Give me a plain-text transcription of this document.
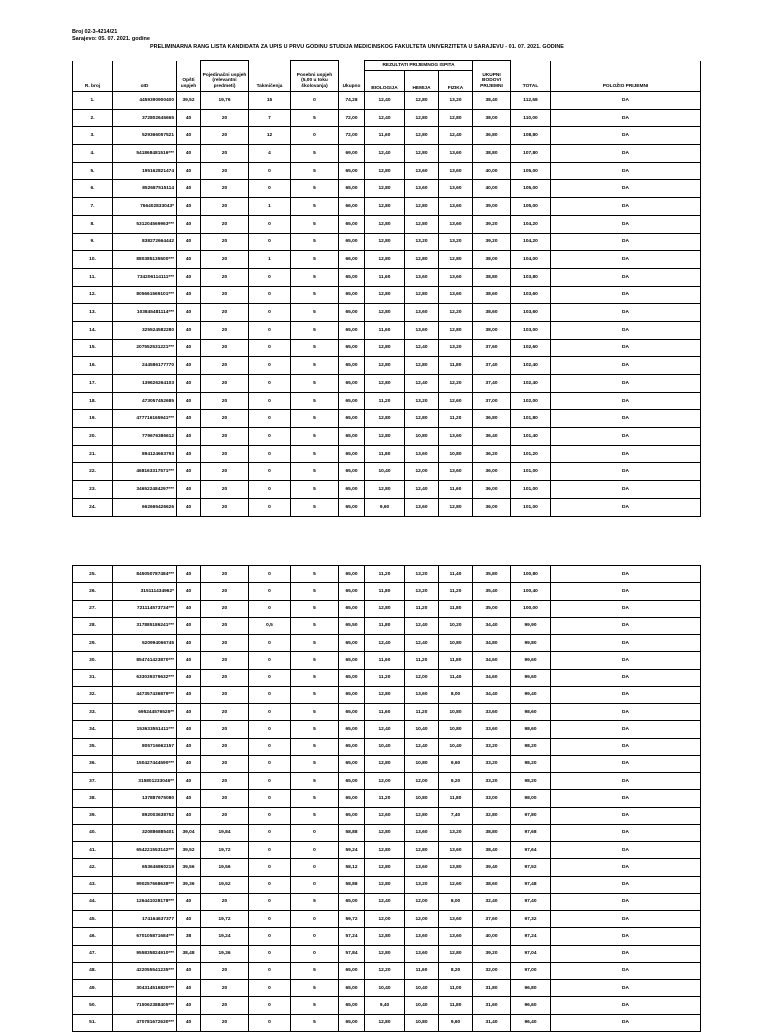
Broj 02-3-4214/21
Sarajevo: 05. 07. 2021. godine
PRELIMINARNA RANG LISTA KANDIDATA ZA UPIS U PRVU GODINU STUDIJA MEDICINSKOG FAKULTETA UNIVERZITETA U SARAJEVU - 01. 07. 2021. GODINE
R. broj	oID	Opšti uspjeh	Pojedinačni uspjeh (relevantni predmeti)	Takmičenja	Posebni uspjeh (5,00 u toku školovanja)	Ukupno	REZULTATI PRIJEMNOG ISPITA			UKUPNI BODOVI PRIJEMNI	TOTAL	POLOŽIO PRIJEMNI
							BIOLOGIJA	HEMIJA	FIZIKA			
1.	4459390900400	39,52	19,76	15	0	74,28	12,40	12,80	13,20	38,40	112,68	DA
2.	372802645665	40	20	7	5	72,00	12,40	12,80	12,80	38,00	110,00	DA
3.	529366057521	40	20	12	0	72,00	11,60	12,80	12,40	36,80	108,80	DA
4.	541868481516***	40	20	4	5	69,00	12,40	12,80	13,60	38,80	107,80	DA
5.	195162821474	40	20	0	5	65,00	12,80	13,60	13,60	40,00	105,00	DA
6.	852687515114	40	20	0	5	65,00	12,80	13,60	13,60	40,00	105,00	DA
7.	766402833043*	40	20	1	5	66,00	12,80	12,80	13,60	39,00	105,00	DA
8.	531204569963***	40	20	0	5	65,00	12,80	12,80	13,60	39,20	104,20	DA
9.	838272664442	40	20	0	5	65,00	12,80	13,20	13,20	39,20	104,20	DA
10.	880385135500***	40	20	1	5	66,00	12,80	12,80	12,80	38,00	104,00	DA
11.	734206114111***	40	20	0	5	65,00	11,60	13,60	13,60	38,80	103,80	DA
12.	805661569101***	40	20	0	5	65,00	12,80	12,80	13,60	38,60	103,60	DA
13.	103845481114***	40	20	0	5	65,00	12,80	13,60	12,20	38,60	103,60	DA
14.	325524582280	40	20	0	5	65,00	11,60	13,60	12,80	38,00	103,00	DA
15.	207552531221***	40	20	0	5	65,00	12,80	12,40	13,20	37,60	102,60	DA
16.	244586177770	40	20	0	5	65,00	12,80	12,80	11,80	37,40	102,40	DA
17.	139626264103	40	20	0	5	65,00	12,80	12,40	12,20	37,40	102,40	DA
18.	473057452685	40	20	0	5	65,00	11,20	13,20	12,60	37,00	102,00	DA
19.	477716165941***	40	20	0	5	65,00	12,80	12,80	11,20	36,80	101,80	DA
20.	779676386612	40	20	0	5	65,00	12,80	10,80	13,60	36,40	101,40	DA
21.	894124663793	40	20	0	5	65,00	11,80	13,60	10,80	36,20	101,20	DA
22.	468163317571***	40	20	0	5	65,00	10,40	12,00	13,60	36,00	101,00	DA
23.	346522484297***	40	20	0	5	65,00	12,80	12,40	11,60	36,00	101,00	DA
24.	662665426626	40	20	0	5	65,00	9,60	13,60	12,80	36,00	101,00	DA
25.	845050787484***	40	20	0	5	65,00	11,20	13,20	11,40	35,80	100,80	DA
26.	315111434962*	40	20	0	5	65,00	11,80	13,20	11,20	35,40	100,40	DA
27.	721114573734***	40	20	0	5	65,00	12,80	11,20	11,80	35,00	100,00	DA
28.	317885186241***	40	20	0,5	5	65,50	11,80	12,40	10,20	34,40	99,90	DA
29.	520994066745	40	20	0	5	65,00	12,40	12,40	10,80	34,80	99,80	DA
30.	854741423870***	40	20	0	5	65,00	11,60	11,20	11,80	34,60	99,60	DA
31.	633039379632***	40	20	0	5	65,00	11,20	12,00	11,40	34,60	99,60	DA
32.	447357436879***	40	20	0	5	65,00	12,80	13,60	8,00	34,40	99,40	DA
33.	695244576525**	40	20	0	5	65,00	11,60	11,20	10,80	33,60	98,60	DA
34.	153633551411***	40	20	0	5	65,00	12,40	10,40	10,80	33,60	98,60	DA
35.	805716662157	40	20	0	5	65,00	10,40	12,40	10,40	33,20	98,20	DA
36.	150427444590***	40	20	0	5	65,00	12,80	10,80	9,60	33,20	98,20	DA
37.	315801233046**	40	20	0	5	65,00	12,00	12,00	9,20	33,20	98,20	DA
38.	137887675080	40	20	0	5	65,00	11,20	10,80	11,80	33,00	98,00	DA
39.	892003638752	40	20	0	5	65,00	12,60	12,80	7,40	32,80	97,80	DA
40.	320886885401	39,04	19,84	0	0	58,88	12,80	13,60	13,20	38,80	97,68	DA
41.	654221553142***	39,52	19,72	0	0	59,24	12,80	12,80	13,60	38,40	97,64	DA
42.	653646860219	39,56	19,56	0	0	58,12	12,80	13,60	13,80	39,40	97,52	DA
43.	990257668638***	39,36	19,52	0	0	58,88	12,80	13,20	12,60	38,60	97,48	DA
44.	126441028178***	40	20	0	5	65,00	12,40	12,00	8,00	32,40	97,40	DA
45.	174164637377	40	19,72	0	0	59,72	12,00	12,00	13,60	37,60	97,32	DA
46.	670105871684***	38	19,24	0	0	57,24	12,80	13,60	13,60	40,00	97,24	DA
47.	955835824910***	38,48	19,36	0	0	57,84	12,80	13,60	12,80	39,20	97,04	DA
48.	422055541235***	40	20	0	5	65,00	12,20	11,60	8,20	32,00	97,00	DA
49.	304314516820***	40	20	0	5	65,00	10,40	10,40	11,00	31,80	96,80	DA
50.	715062388405***	40	20	0	5	65,00	9,40	10,40	11,80	31,60	96,60	DA
51.	470781672630***	40	20	0	5	65,00	12,80	10,80	9,60	31,40	96,40	DA
